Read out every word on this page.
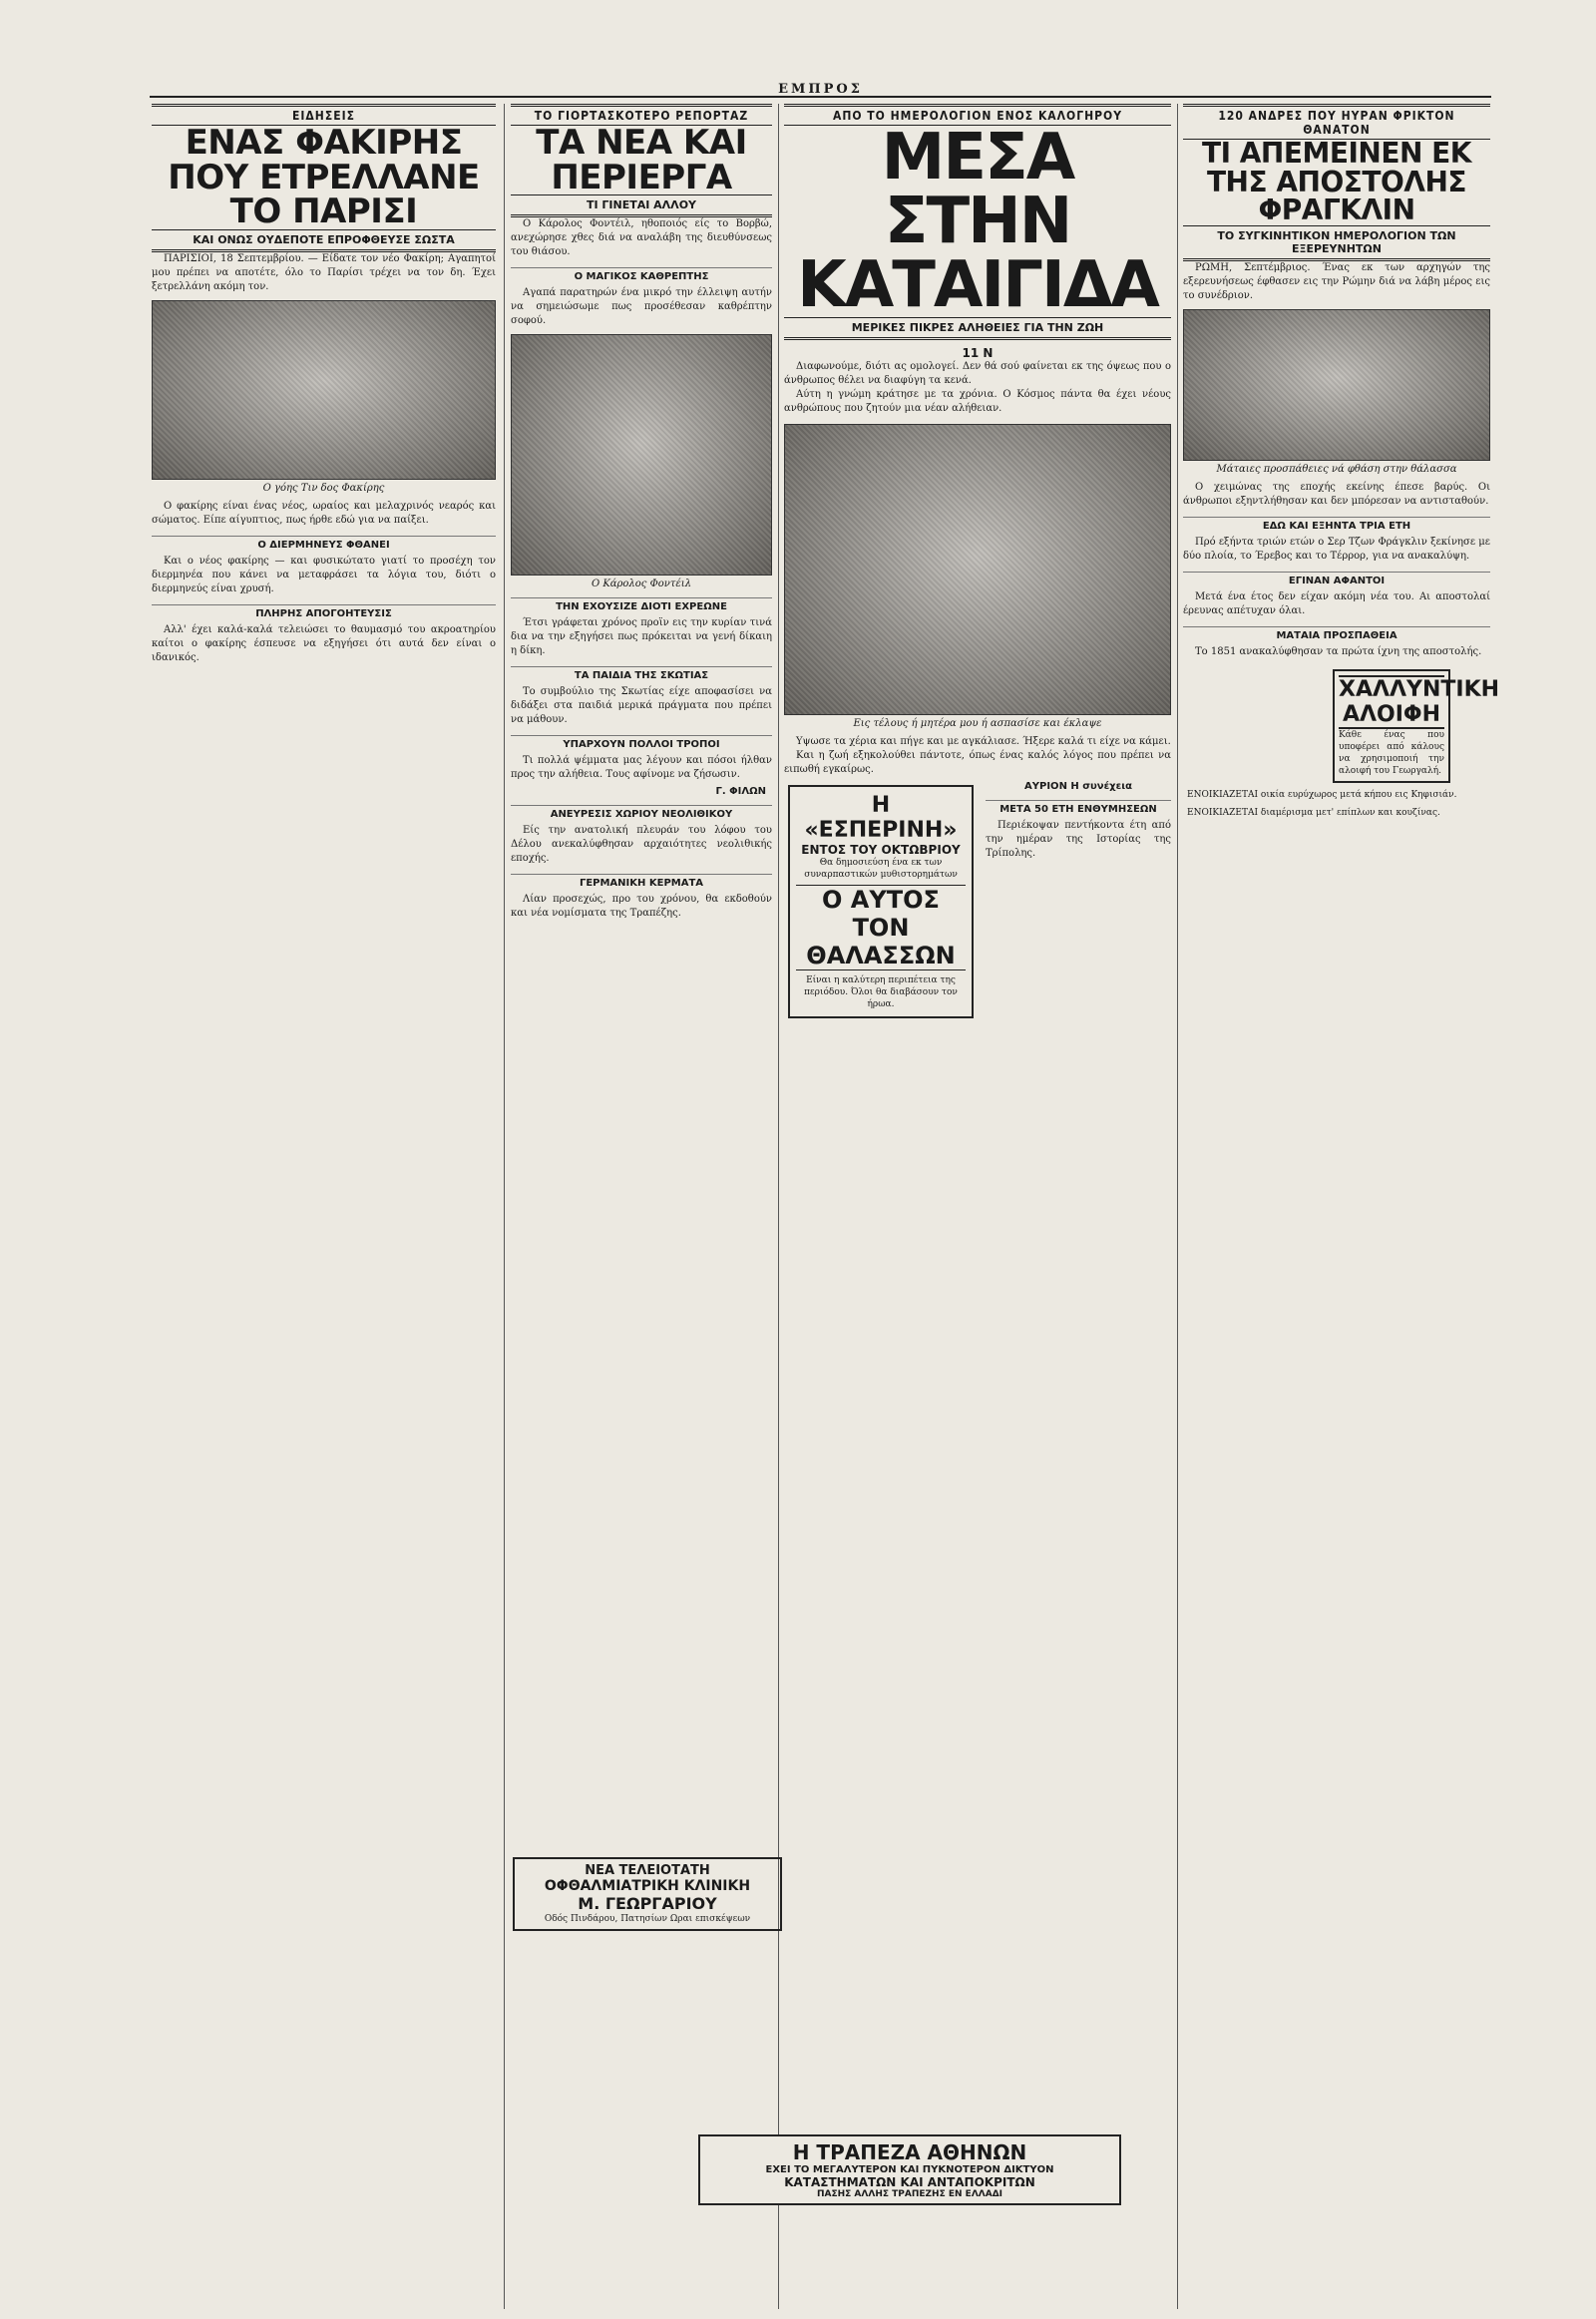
ΕΜΠΡΟΣ
ΕΙΔΗΣΕΙΣ
ΕΝΑΣ ΦΑΚΙΡΗΣ ΠΟΥ ΕΤΡΕΛΛΑΝΕ ΤΟ ΠΑΡΙΣΙ
ΚΑΙ ΟΝΩΣ ΟΥΔΕΠΟΤΕ ΕΠΡΟΦΘΕΥΣΕ ΣΩΣΤΑ

ΠΑΡΙΣΙΟΙ, 18 Σεπτεμβρίου. — Είδατε τον νέο Φακίρη; Αγαπητοί μου πρέπει να αποτέτε, όλο το Παρίσι τρέχει να τον δη. Έχει ξετρελλάνη ακόμη τον.

Ο γόης Τιν δος Φακίρης

Ο φακίρης είναι ένας νέος, ωραίος και μελαχρινός νεαρός και σώματος. Είπε αίγυπτιος, πως ήρθε εδώ για να παίξει.

Ο ΔΙΕΡΜΗΝΕΥΣ ΦΘΑΝΕΙ

Και ο νέος φακίρης — και φυσικώτατο γιατί το προσέχη τον διερμηνέα που κάνει να μεταφράσει τα λόγια του, διότι ο διερμηνεύς είναι χρυσή.

ΠΛΗΡΗΣ ΑΠΟΓΟΗΤΕΥΣΙΣ

Αλλ' έχει καλά-καλά τελειώσει το θαυμασμό του ακροατηρίου καίτοι ο φακίρης έσπευσε να εξηγήσει ότι αυτά δεν είναι ο ιδανικός.

ΤΟ ΓΙΟΡΤΑΣΚΟΤΕΡΟ ΡΕΠΟΡΤΑΖ
ΤΑ ΝΕΑ ΚΑΙ ΠΕΡΙΕΡΓΑ
ΤΙ ΓΙΝΕΤΑΙ ΑΛΛΟΥ

Ο Κάρολος Φοντέιλ, ηθοποιός είς το Βορβώ, ανεχώρησε χθες διά να αναλάβη της διευθύνσεως του θιάσου.

Ο ΜΑΓΙΚΟΣ ΚΑΘΡΕΠΤΗΣ

Αγαπά παρατηρών ένα μικρό την έλλειψη αυτήν να σημειώσωμε πως προσέθεσαν καθρέπτην σοφού.

Ο Κάρολος Φοντέιλ
ΤΗΝ ΕΧΟΥΣΙΖΕ ΔΙΟΤΙ ΕΧΡΕΩΝΕ

Έτσι γράφεται χρόνος προϊν εις την κυρίαν τινά δια να την εξηγήσει πως πρόκειται να γενή δίκαιη η δίκη.

ΤΑ ΠΑΙΔΙΑ ΤΗΣ ΣΚΩΤΙΑΣ

Το συμβούλιο της Σκωτίας είχε αποφασίσει να διδάξει στα παιδιά μερικά πράγματα που πρέπει να μάθουν.

ΥΠΑΡΧΟΥΝ ΠΟΛΛΟΙ ΤΡΟΠΟΙ

Τι πολλά ψέμματα μας λέγουν και πόσοι ήλθαν προς την αλήθεια. Τους αφίνομε να ζήσωσιν.

Γ. ΦΙΛΩΝ
ΑΝΕΥΡΕΣΙΣ ΧΩΡΙΟΥ ΝΕΟΛΙΘΙΚΟΥ

Είς την ανατολική πλευράν του λόφου του Δέλου ανεκαλύφθησαν αρχαιότητες νεολιθικής εποχής.

ΓΕΡΜΑΝΙΚΗ ΚΕΡΜΑΤΑ

Λίαν προσεχώς, προ του χρόνου, θα εκδοθούν και νέα νομίσματα της Τραπέζης.

ΑΠΟ ΤΟ ΗΜΕΡΟΛΟΓΙΟΝ ΕΝΟΣ ΚΑΛΟΓΗΡΟΥ
ΜΕΣΑ ΣΤΗΝ ΚΑΤΑΙΓΙΔΑ
ΜΕΡΙΚΕΣ ΠΙΚΡΕΣ ΑΛΗΘΕΙΕΣ ΓΙΑ ΤΗΝ ΖΩΗ
11 Ν

Διαφωνούμε, διότι ας ομολογεί. Δεν θά σού φαίνεται εκ της όψεως που ο άνθρωπος θέλει να διαφύγη τα κενά.

Αύτη η γνώμη κράτησε με τα χρόνια. Ο Κόσμος πάντα θα έχει νέους ανθρώπους που ζητούν μια νέαν αλήθειαν.

Εις τέλους ή μητέρα μου ή ασπασίσε και έκλαψε

Υψωσε τα χέρια και πήγε και με αγκάλιασε. Ήξερε καλά τι είχε να κάμει.

Και η ζωή εξηκολούθει πάντοτε, όπως ένας καλός λόγος που πρέπει να ειπωθή εγκαίρως.

Η «ΕΣΠΕΡΙΝΗ»
ΕΝΤΟΣ ΤΟΥ ΟΚΤΩΒΡΙΟΥ
Θα δημοσιεύση ένα εκ των συναρπαστικών μυθιστορημάτων
Ο ΑΥΤΟΣ ΤΟΝ ΘΑΛΑΣΣΩΝ
Είναι η καλύτερη περιπέτεια της περιόδου. Όλοι θα διαβάσουν τον ήρωα.
ΑΥΡΙΟΝ Η συνέχεια
ΜΕΤΑ 50 ΕΤΗ ΕΝΘΥΜΗΣΕΩΝ

Περιέκοψαν πεντήκοντα έτη από την ημέραν της Ιστορίας της Τρίπολης.

120 ΑΝΔΡΕΣ ΠΟΥ ΗΥΡΑΝ ΦΡΙΚΤΟΝ ΘΑΝΑΤΟΝ
ΤΙ ΑΠΕΜΕΙΝΕΝ ΕΚ ΤΗΣ ΑΠΟΣΤΟΛΗΣ ΦΡΑΓΚΛΙΝ
ΤΟ ΣΥΓΚΙΝΗΤΙΚΟΝ ΗΜΕΡΟΛΟΓΙΟΝ ΤΩΝ ΕΞΕΡΕΥΝΗΤΩΝ

ΡΩΜΗ, Σεπτέμβριος. Ένας εκ των αρχηγών της εξερευνήσεως έφθασεν εις την Ρώμην διά να λάβη μέρος εις το συνέδριον.

Μάταιες προσπάθειες νά φθάση στην θάλασσα

Ο χειμώνας της εποχής εκείνης έπεσε βαρύς. Οι άνθρωποι εξηντλήθησαν και δεν μπόρεσαν να αντισταθούν.

ΕΔΩ ΚΑΙ ΕΞΗΝΤΑ ΤΡΙΑ ΕΤΗ

Πρό εξήντα τριών ετών ο Σερ Τζων Φράγκλιν ξεκίνησε με δύο πλοία, το Έρεβος και το Τέρρορ, για να ανακαλύψη.

ΕΓΙΝΑΝ ΑΦΑΝΤΟΙ

Μετά ένα έτος δεν είχαν ακόμη νέα του. Αι αποστολαί έρευνας απέτυχαν όλαι.

ΜΑΤΑΙΑ ΠΡΟΣΠΑΘΕΙΑ

Το 1851 ανακαλύφθησαν τα πρώτα ίχνη της αποστολής.

ΧΑΛΛΥΝΤΙΚΗ ΑΛΟΙΦΗ
Κάθε ένας που υποφέρει από κάλους να χρησιμοποιή την αλοιφή του Γεωργαλή.

ΕΝΟΙΚΙΑΖΕΤΑΙ οικία ευρύχωρος μετά κήπου εις Κηφισιάν.

ΕΝΟΙΚΙΑΖΕΤΑΙ διαμέρισμα μετ' επίπλων και κουζίνας.

ΝΕΑ ΤΕΛΕΙΟΤΑΤΗ
ΟΦΘΑΛΜΙΑΤΡΙΚΗ ΚΛΙΝΙΚΗ
Μ. ΓΕΩΡΓΑΡΙΟΥ
Οδός Πινδάρου, Πατησίων Ωραι επισκέψεων
Η ΤΡΑΠΕΖΑ ΑΘΗΝΩΝ
ΕΧΕΙ ΤΟ ΜΕΓΑΛΥΤΕΡΟΝ ΚΑΙ ΠΥΚΝΟΤΕΡΟΝ ΔΙΚΤΥΟΝ
ΚΑΤΑΣΤΗΜΑΤΩΝ ΚΑΙ ΑΝΤΑΠΟΚΡΙΤΩΝ
ΠΑΣΗΣ ΑΛΛΗΣ ΤΡΑΠΕΖΗΣ ΕΝ ΕΛΛΑΔΙ
